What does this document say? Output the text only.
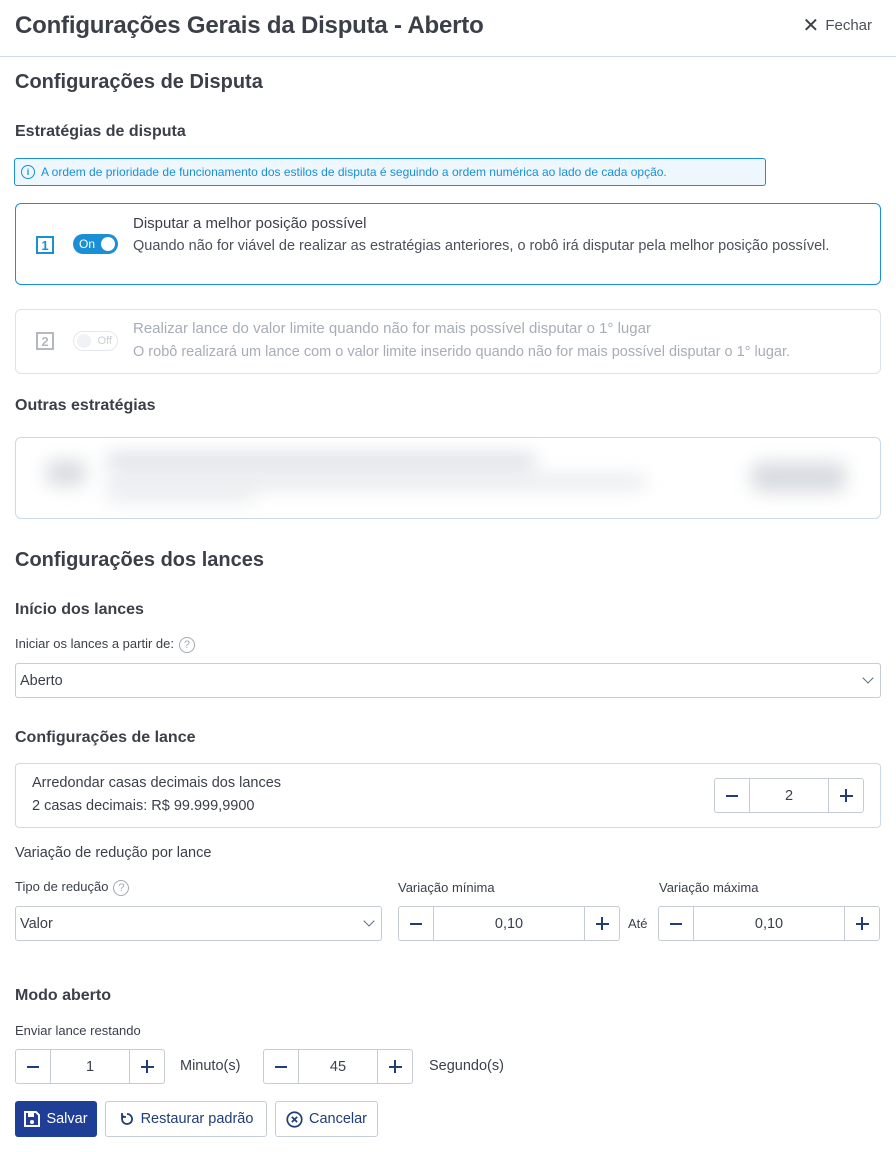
Configurações Gerais da Disputa - Aberto	✕ Fechar
Configurações de Disputa
Estratégias de disputa
i A ordem de prioridade de funcionamento dos estilos de disputa é seguindo a ordem numérica ao lado de cada opção.
1	On
Disputar a melhor posição possível
Quando não for viável de realizar as estratégias anteriores, o robô irá disputar pela melhor posição possível.
2	Off
Realizar lance do valor limite quando não for mais possível disputar o 1° lugar
O robô realizará um lance com o valor limite inserido quando não for mais possível disputar o 1° lugar.
Outras estratégias
Configurações dos lances
Início dos lances
Iniciar os lances a partir de: ?
Aberto
Configurações de lance
Arredondar casas decimais dos lances
2 casas decimais: R$ 99.999,9900
2
Variação de redução por lance
Tipo de redução ?
Valor
Variação mínima
0,10	Até
Variação máxima
0,10
Modo aberto
Enviar lance restando
1	Minuto(s)	45	Segundo(s)
Salvar	Restaurar padrão	Cancelar
